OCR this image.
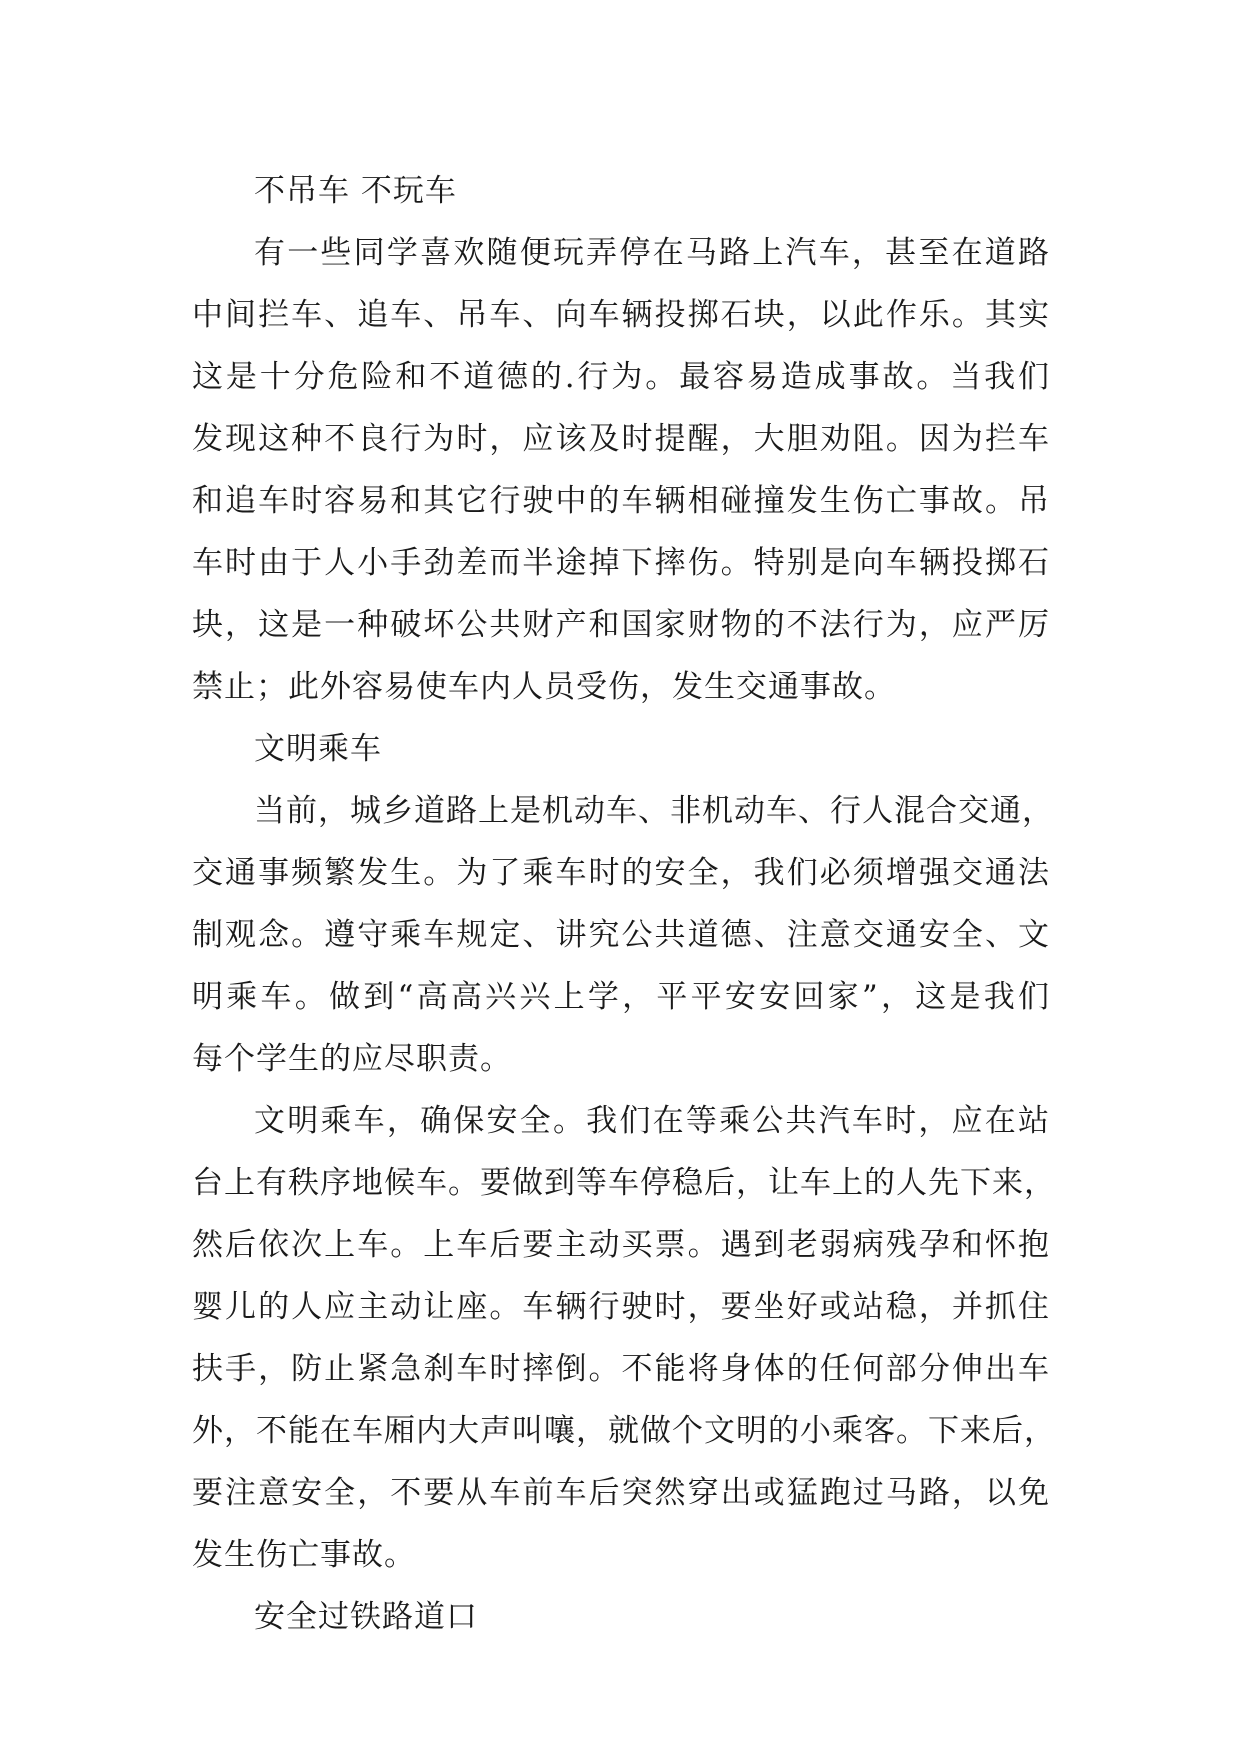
不吊车 不玩车
有一些同学喜欢随便玩弄停在马路上汽车，甚至在道路
中间拦车、追车、吊车、向车辆投掷石块，以此作乐。其实
这是十分危险和不道德的.行为。最容易造成事故。当我们
发现这种不良行为时，应该及时提醒，大胆劝阻。因为拦车
和追车时容易和其它行驶中的车辆相碰撞发生伤亡事故。吊
车时由于人小手劲差而半途掉下摔伤。特别是向车辆投掷石
块，这是一种破坏公共财产和国家财物的不法行为，应严厉
禁止；此外容易使车内人员受伤，发生交通事故。
文明乘车
当前，城乡道路上是机动车、非机动车、行人混合交通，
交通事频繁发生。为了乘车时的安全，我们必须增强交通法
制观念。遵守乘车规定、讲究公共道德、注意交通安全、文
明乘车。做到“高高兴兴上学，平平安安回家”，这是我们
每个学生的应尽职责。
文明乘车，确保安全。我们在等乘公共汽车时，应在站
台上有秩序地候车。要做到等车停稳后，让车上的人先下来，
然后依次上车。上车后要主动买票。遇到老弱病残孕和怀抱
婴儿的人应主动让座。车辆行驶时，要坐好或站稳，并抓住
扶手，防止紧急刹车时摔倒。不能将身体的任何部分伸出车
外，不能在车厢内大声叫嚷，就做个文明的小乘客。下来后，
要注意安全，不要从车前车后突然穿出或猛跑过马路，以免
发生伤亡事故。
安全过铁路道口
